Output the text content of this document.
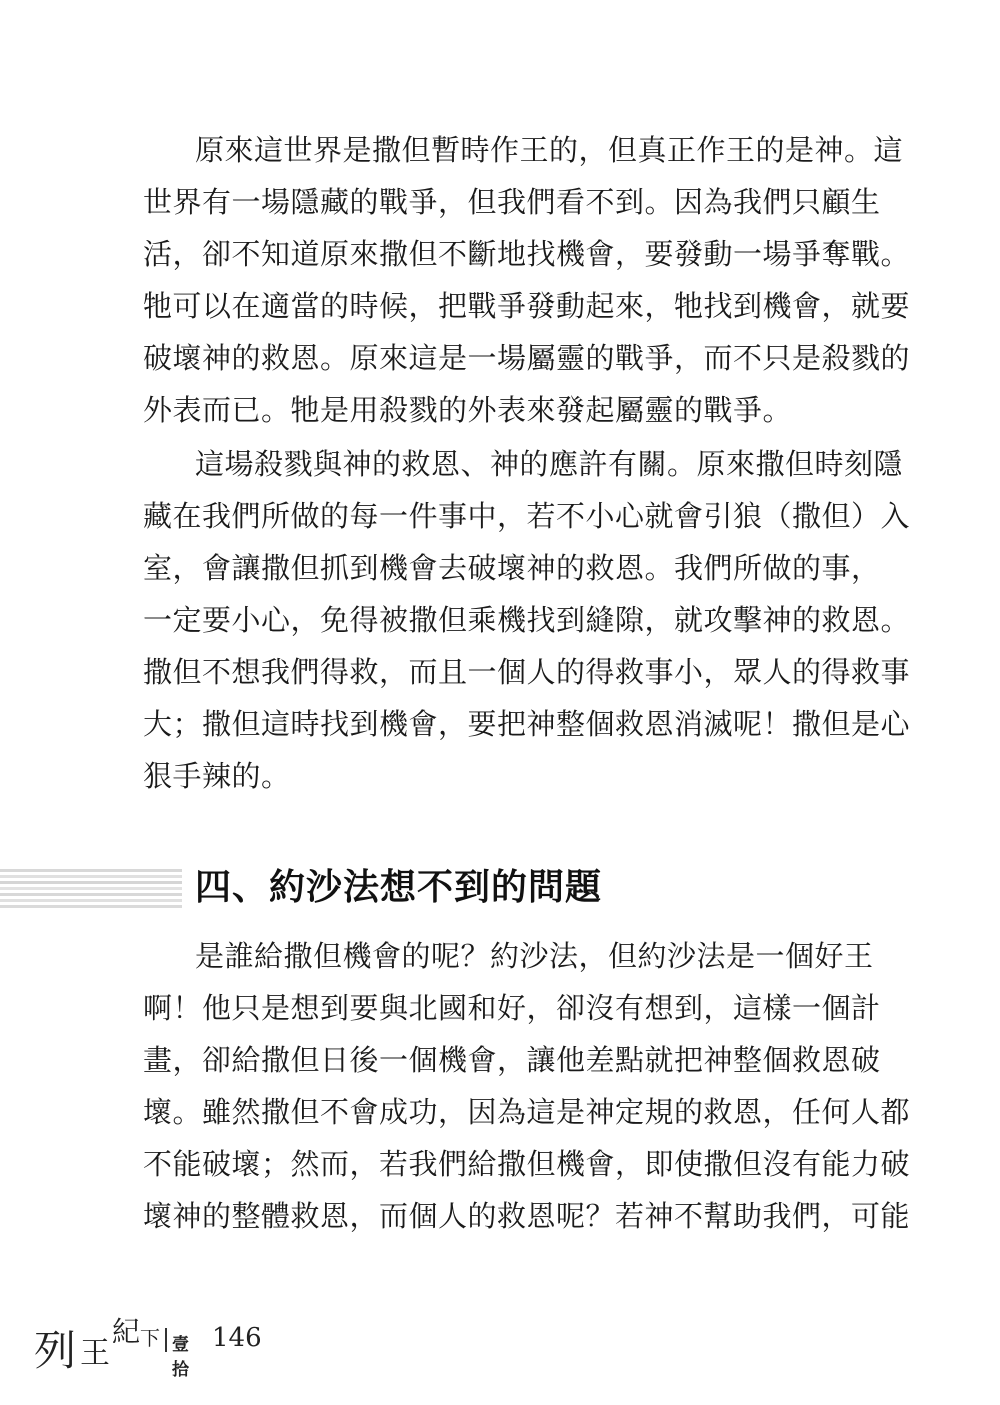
原來這世界是撒但暫時作王的，但真正作王的是神。這
世界有一場隱藏的戰爭，但我們看不到。因為我們只顧生
活，卻不知道原來撒但不斷地找機會，要發動一場爭奪戰。
牠可以在適當的時候，把戰爭發動起來，牠找到機會，就要
破壞神的救恩。原來這是一場屬靈的戰爭，而不只是殺戮的
外表而已。牠是用殺戮的外表來發起屬靈的戰爭。
這場殺戮與神的救恩、神的應許有關。原來撒但時刻隱
藏在我們所做的每一件事中，若不小心就會引狼（撒但）入
室，會讓撒但抓到機會去破壞神的救恩。我們所做的事，
一定要小心，免得被撒但乘機找到縫隙，就攻擊神的救恩。
撒但不想我們得救，而且一個人的得救事小，眾人的得救事
大；撒但這時找到機會，要把神整個救恩消滅呢！撒但是心
狠手辣的。
四、約沙法想不到的問題
是誰給撒但機會的呢？約沙法，但約沙法是一個好王
啊！他只是想到要與北國和好，卻沒有想到，這樣一個計
畫，卻給撒但日後一個機會，讓他差點就把神整個救恩破
壞。雖然撒但不會成功，因為這是神定規的救恩，任何人都
不能破壞；然而，若我們給撒但機會，即使撒但沒有能力破
壞神的整體救恩，而個人的救恩呢？若神不幫助我們，可能
列 王
紀 下 壹拾
146
